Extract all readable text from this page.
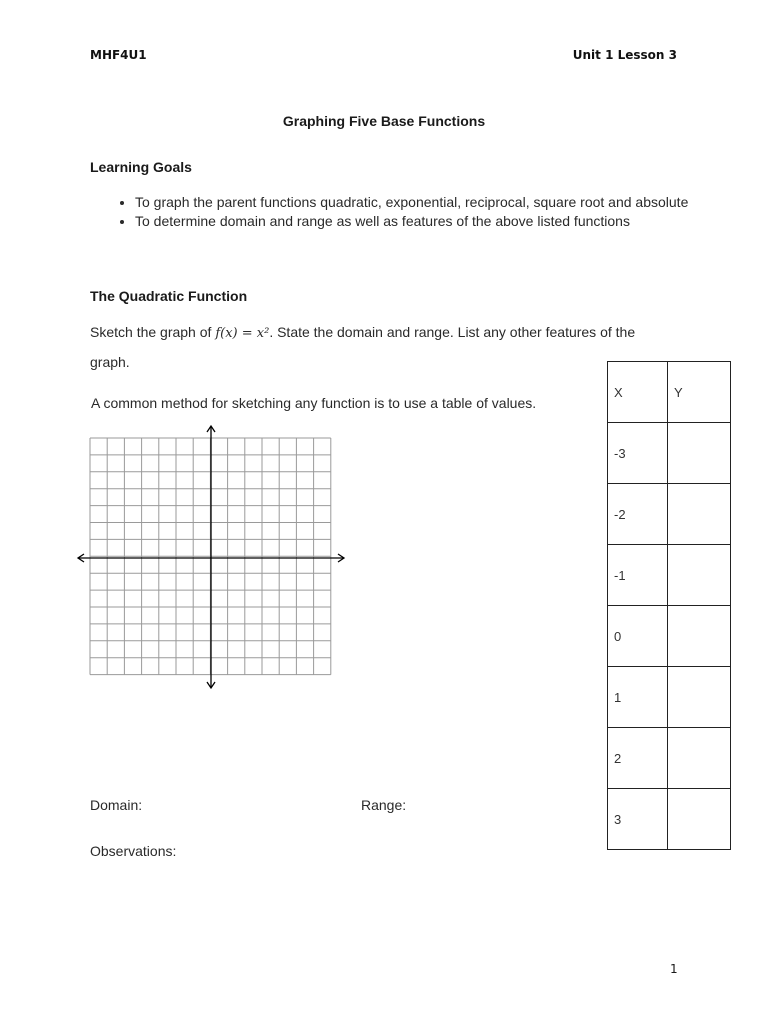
MHF4U1	Unit 1 Lesson 3
Graphing Five Base Functions
Learning Goals
• To graph the parent functions quadratic, exponential, reciprocal, square root and absolute
• To determine domain and range as well as features of the above listed functions
The Quadratic Function
Sketch the graph of f(x) = x². State the domain and range. List any other features of the graph.
A common method for sketching any function is to use a table of values.
X	Y
-3	
-2	
-1	
0	
1	
2	
3	
Domain:	Range:
Observations:
1
